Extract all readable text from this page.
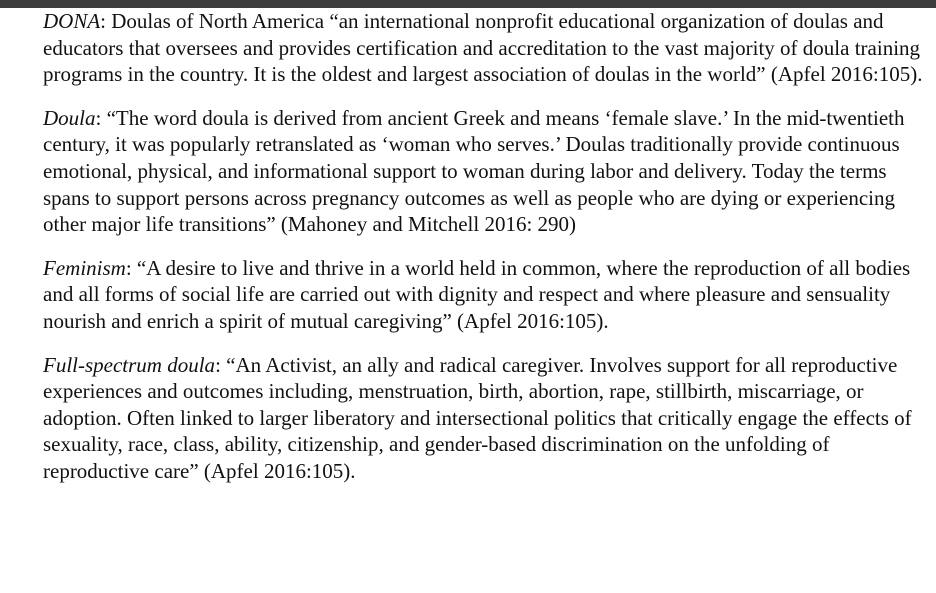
DONA: Doulas of North America “an international nonprofit educational organization of doulas and educators that oversees and provides certification and accreditation to the vast majority of doula training programs in the country. It is the oldest and largest association of doulas in the world” (Apfel 2016:105).

Doula: “The word doula is derived from ancient Greek and means ‘female slave.’ In the mid-twentieth century, it was popularly retranslated as ‘woman who serves.’ Doulas traditionally provide continuous emotional, physical, and informational support to woman during labor and delivery. Today the terms spans to support persons across pregnancy outcomes as well as people who are dying or experiencing other major life transitions” (Mahoney and Mitchell 2016: 290)

Feminism: “A desire to live and thrive in a world held in common, where the reproduction of all bodies and all forms of social life are carried out with dignity and respect and where pleasure and sensuality nourish and enrich a spirit of mutual caregiving” (Apfel 2016:105).

Full-spectrum doula: “An Activist, an ally and radical caregiver. Involves support for all reproductive experiences and outcomes including, menstruation, birth, abortion, rape, stillbirth, miscarriage, or adoption. Often linked to larger liberatory and intersectional politics that critically engage the effects of sexuality, race, class, ability, citizenship, and gender-based discrimination on the unfolding of reproductive care” (Apfel 2016:105).
